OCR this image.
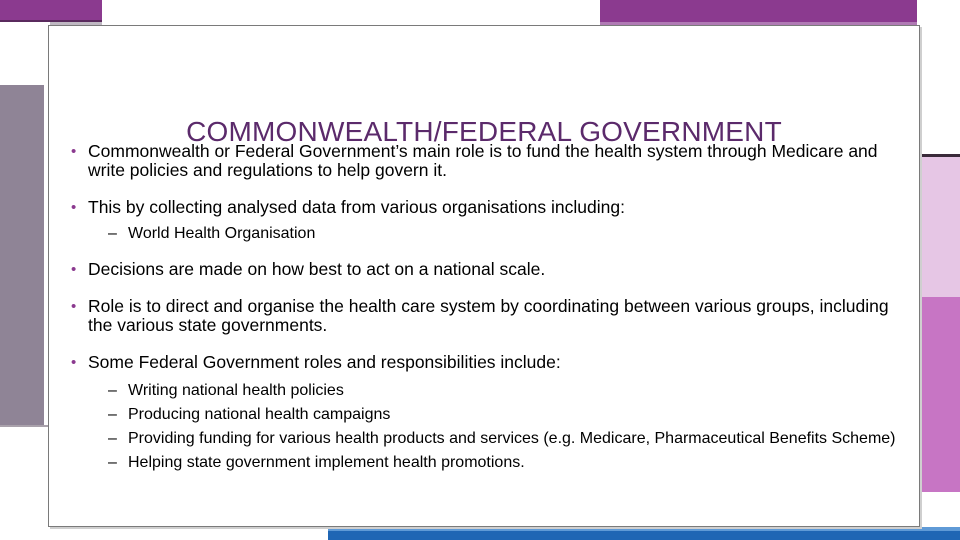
COMMONWEALTH/FEDERAL GOVERNMENT
• Commonwealth or Federal Government’s main role is to fund the health system through Medicare and write policies and regulations to help govern it.
• This by collecting analysed data from various organisations including:
– World Health Organisation
• Decisions are made on how best to act on a national scale.
• Role is to direct and organise the health care system by coordinating between various groups, including the various state governments.
• Some Federal Government roles and responsibilities include:
– Writing national health policies
– Producing national health campaigns
– Providing funding for various health products and services (e.g. Medicare, Pharmaceutical Benefits Scheme)
– Helping state government implement health promotions.
